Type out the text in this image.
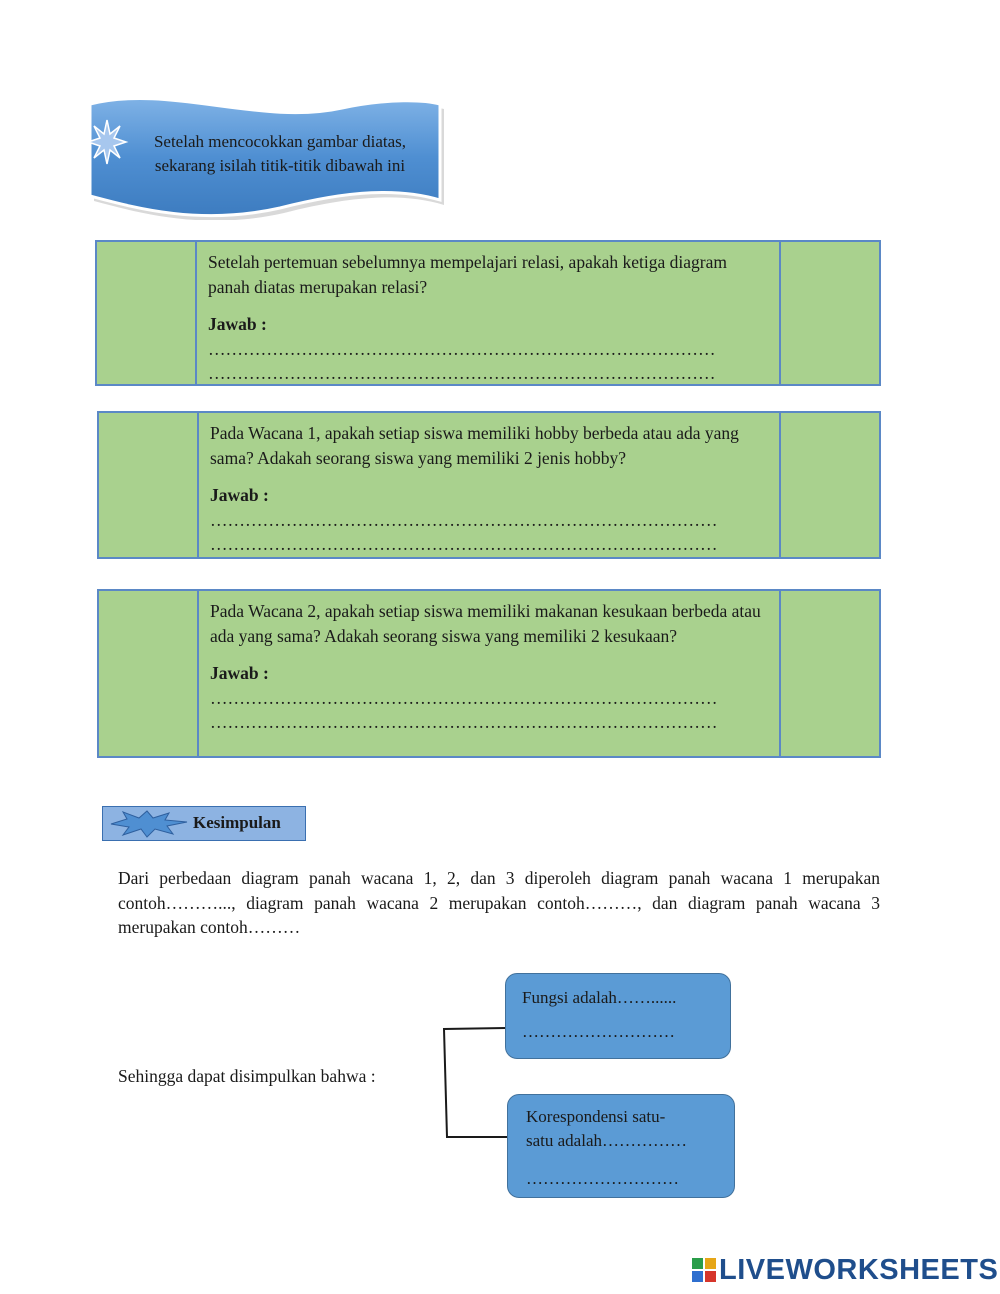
Setelah mencocokkan gambar diatas,
sekarang isilah titik-titik dibawah ini

Setelah pertemuan sebelumnya mempelajari relasi, apakah ketiga diagram panah diatas merupakan relasi?

Jawab :

……………………………………………………………………………

……………………………………………………………………………

Pada Wacana 1, apakah setiap siswa memiliki hobby berbeda atau ada yang sama? Adakah seorang siswa yang memiliki 2 jenis hobby?

Jawab :

……………………………………………………………………………

……………………………………………………………………………

Pada Wacana 2, apakah setiap siswa memiliki makanan kesukaan berbeda atau ada yang sama? Adakah seorang siswa yang memiliki 2 kesukaan?

Jawab :

……………………………………………………………………………

……………………………………………………………………………

Kesimpulan
Dari perbedaan diagram panah wacana 1, 2, dan 3 diperoleh diagram panah wacana 1 merupakan contoh………..., diagram panah wacana 2 merupakan contoh………, dan diagram panah wacana 3 merupakan contoh………
Sehingga dapat disimpulkan bahwa :

Fungsi adalah……......

………………………

Korespondensi satu-

satu adalah……………

………………………

LIVEWORKSHEETS
